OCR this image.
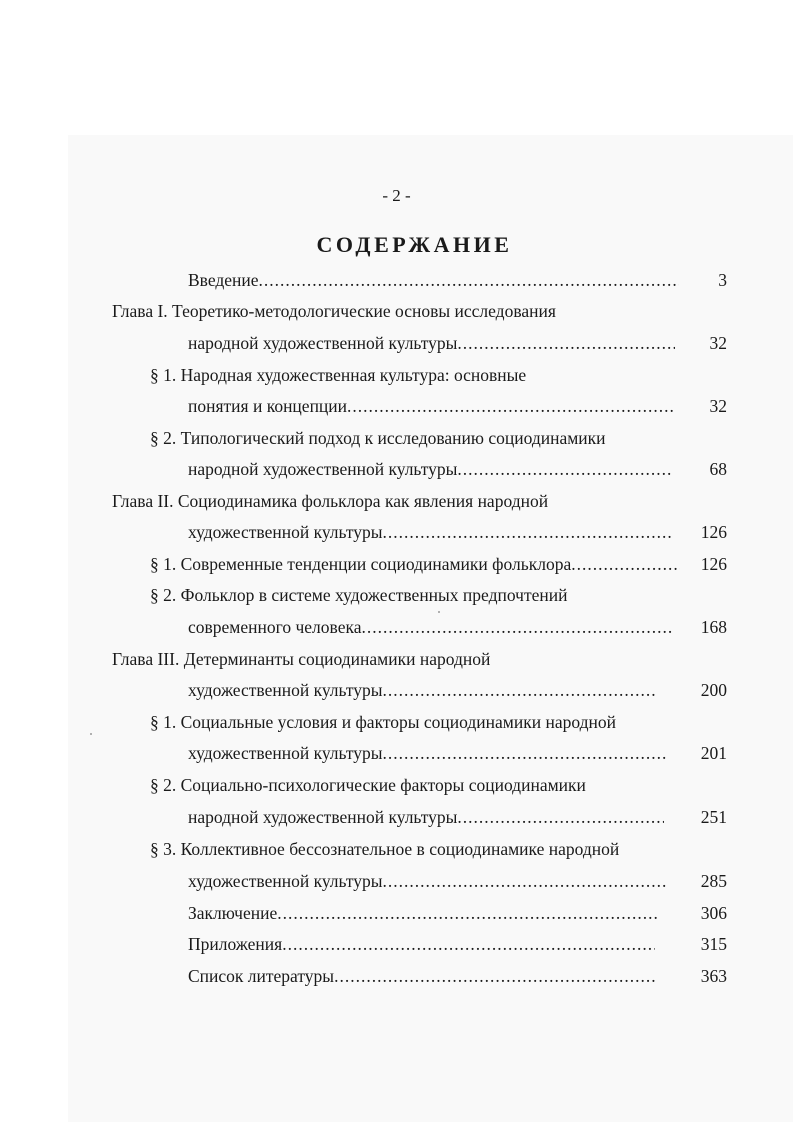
- 2 -
СОДЕРЖАНИЕ
Введение .....	3
Глава I. Теоретико-методологические основы исследования
народной художественной культуры .....	32
§ 1. Народная художественная культура: основные
понятия и концепции .....	32
§ 2. Типологический подход к исследованию социодинамики
народной художественной культуры .....	68
Глава II. Социодинамика фольклора как явления народной
художественной культуры .....	126
§ 1. Современные тенденции социодинамики фольклора .....	126
§ 2. Фольклор в системе художественных предпочтений
современного человека .....	168
Глава III. Детерминанты социодинамики народной
художественной культуры .....	200
§ 1. Социальные условия и факторы социодинамики народной
художественной культуры .....	201
§ 2. Социально-психологические факторы социодинамики
народной художественной культуры .....	251
§ 3. Коллективное бессознательное в социодинамике народной
художественной культуры .....	285
Заключение .....	306
Приложения .....	315
Список литературы .....	363
